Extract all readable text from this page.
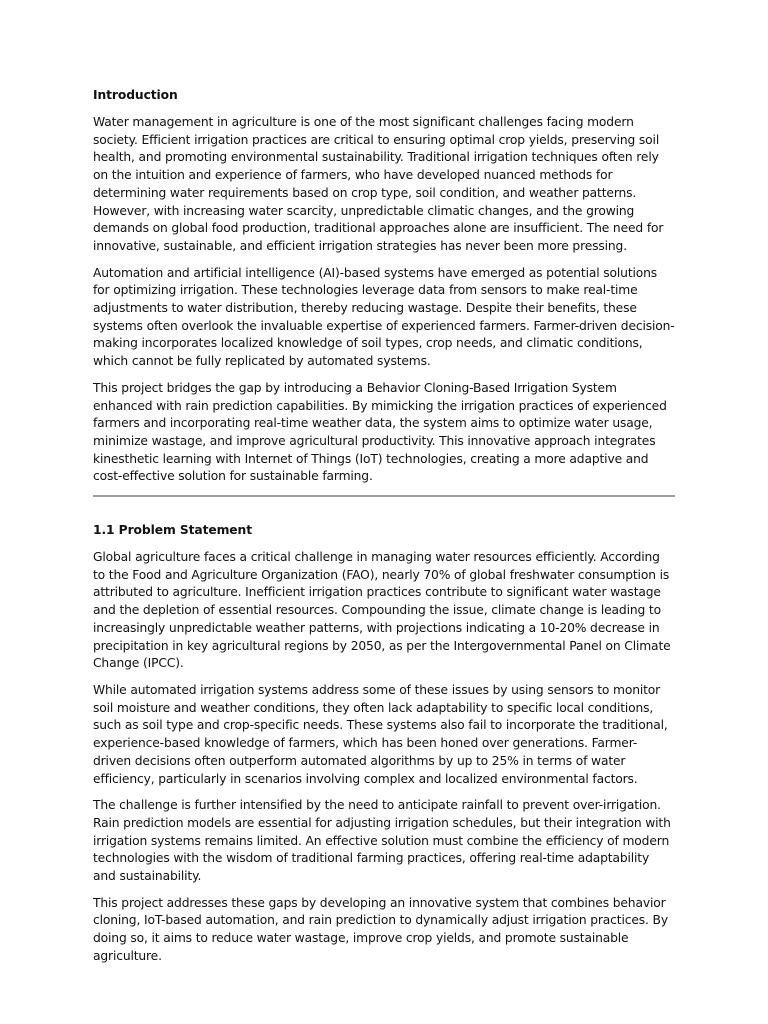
Introduction

Water management in agriculture is one of the most significant challenges facing modern society. Efficient irrigation practices are critical to ensuring optimal crop yields, preserving soil health, and promoting environmental sustainability. Traditional irrigation techniques often rely on the intuition and experience of farmers, who have developed nuanced methods for determining water requirements based on crop type, soil condition, and weather patterns. However, with increasing water scarcity, unpredictable climatic changes, and the growing demands on global food production, traditional approaches alone are insufficient. The need for innovative, sustainable, and efficient irrigation strategies has never been more pressing.

Automation and artificial intelligence (AI)-based systems have emerged as potential solutions for optimizing irrigation. These technologies leverage data from sensors to make real-time adjustments to water distribution, thereby reducing wastage. Despite their benefits, these systems often overlook the invaluable expertise of experienced farmers. Farmer-driven decision-making incorporates localized knowledge of soil types, crop needs, and climatic conditions, which cannot be fully replicated by automated systems.

This project bridges the gap by introducing a Behavior Cloning-Based Irrigation System enhanced with rain prediction capabilities. By mimicking the irrigation practices of experienced farmers and incorporating real-time weather data, the system aims to optimize water usage, minimize wastage, and improve agricultural productivity. This innovative approach integrates kinesthetic learning with Internet of Things (IoT) technologies, creating a more adaptive and cost-effective solution for sustainable farming.

1.1 Problem Statement

Global agriculture faces a critical challenge in managing water resources efficiently. According to the Food and Agriculture Organization (FAO), nearly 70% of global freshwater consumption is attributed to agriculture. Inefficient irrigation practices contribute to significant water wastage and the depletion of essential resources. Compounding the issue, climate change is leading to increasingly unpredictable weather patterns, with projections indicating a 10-20% decrease in precipitation in key agricultural regions by 2050, as per the Intergovernmental Panel on Climate Change (IPCC).

While automated irrigation systems address some of these issues by using sensors to monitor soil moisture and weather conditions, they often lack adaptability to specific local conditions, such as soil type and crop-specific needs. These systems also fail to incorporate the traditional, experience-based knowledge of farmers, which has been honed over generations. Farmer-driven decisions often outperform automated algorithms by up to 25% in terms of water efficiency, particularly in scenarios involving complex and localized environmental factors.

The challenge is further intensified by the need to anticipate rainfall to prevent over-irrigation. Rain prediction models are essential for adjusting irrigation schedules, but their integration with irrigation systems remains limited. An effective solution must combine the efficiency of modern technologies with the wisdom of traditional farming practices, offering real-time adaptability and sustainability.

This project addresses these gaps by developing an innovative system that combines behavior cloning, IoT-based automation, and rain prediction to dynamically adjust irrigation practices. By doing so, it aims to reduce water wastage, improve crop yields, and promote sustainable agriculture.
